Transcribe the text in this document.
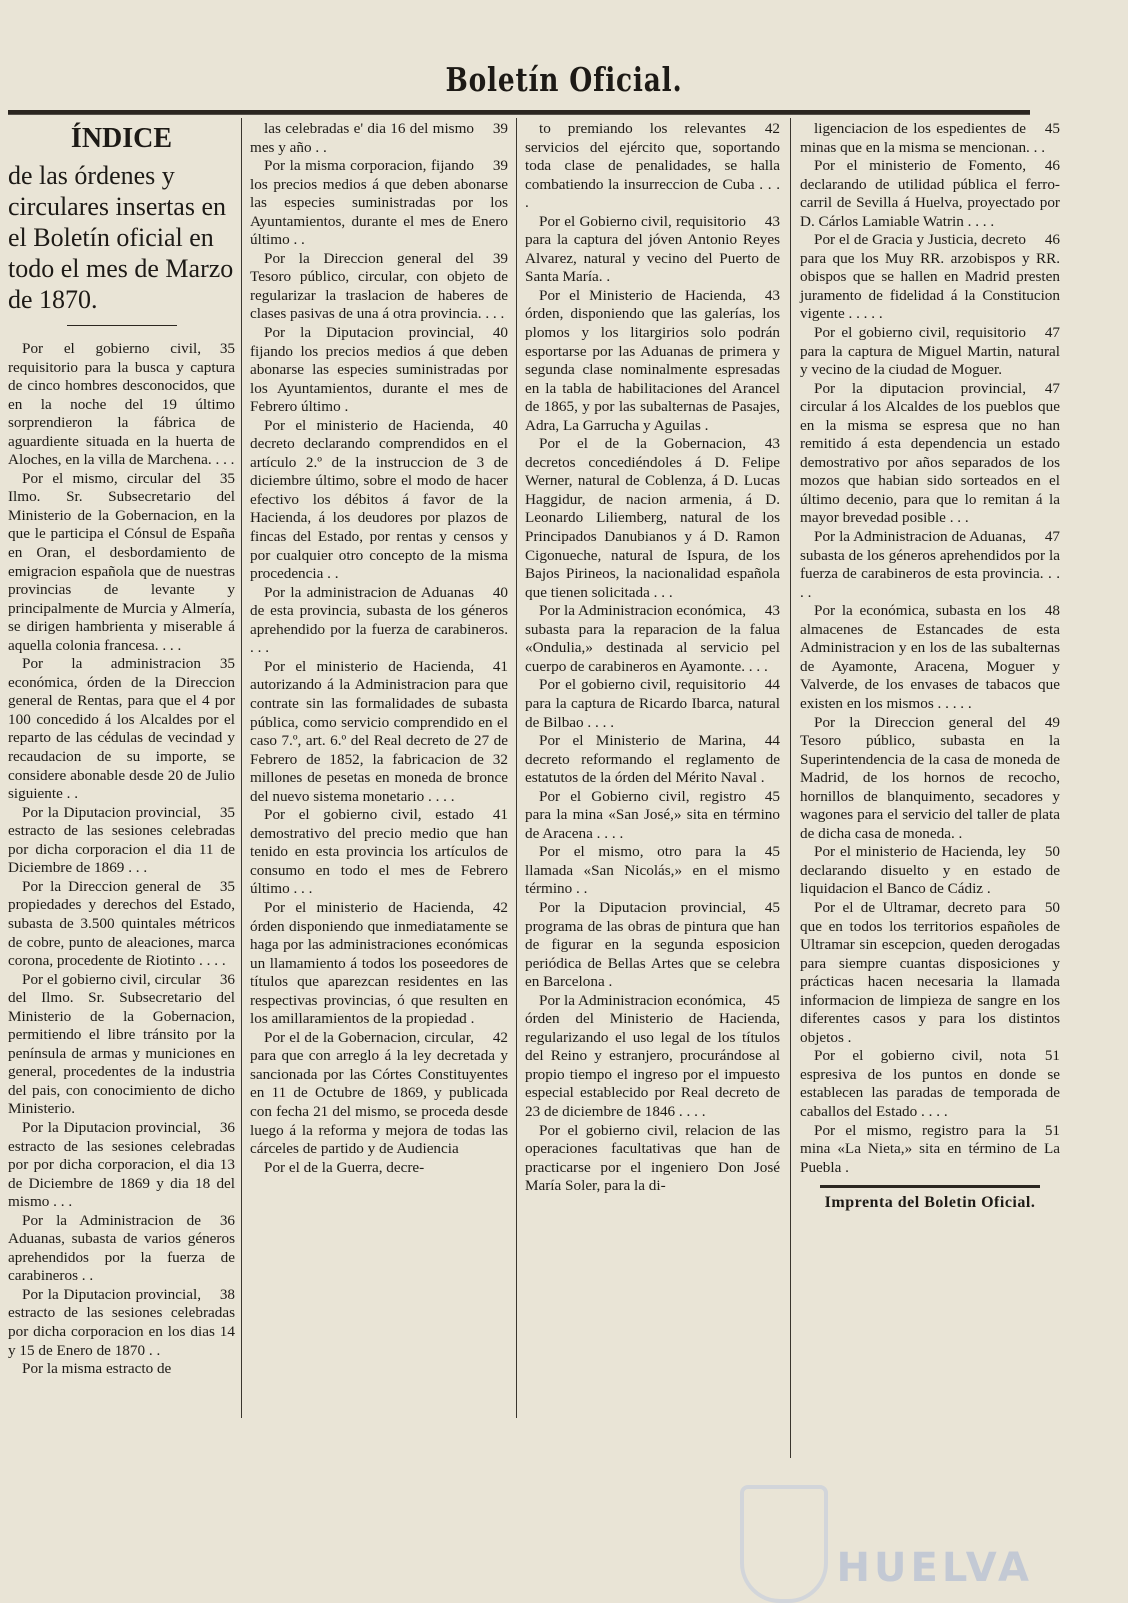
Boletín Oficial.
ÍNDICE

de las órdenes y circulares insertas en el Boletín oficial en todo el mes de Marzo de 1870.

35
Por el gobierno civil, requisitorio para la busca y captura de cinco hombres desconocidos, que en la noche del 19 último sorprendieron la fábrica de aguardiente situada en la huerta de Aloches, en la villa de Marchena. . . .

35
Por el mismo, circular del Ilmo. Sr. Subsecretario del Ministerio de la Gobernacion, en la que le participa el Cónsul de España en Oran, el desbordamiento de emigracion española que de nuestras provincias de levante y principalmente de Murcia y Almería, se dirigen hambrienta y miserable á aquella colonia francesa. . . .

35
Por la administracion económica, órden de la Direccion general de Rentas, para que el 4 por 100 concedido á los Alcaldes por el reparto de las cédulas de vecindad y recaudacion de su importe, se considere abonable desde 20 de Julio siguiente . .

35
Por la Diputacion provincial, estracto de las sesiones celebradas por dicha corporacion el dia 11 de Diciembre de 1869 . . .

35
Por la Direccion general de propiedades y derechos del Estado, subasta de 3.500 quintales métricos de cobre, punto de aleaciones, marca corona, procedente de Riotinto . . . .

36
Por el gobierno civil, circular del Ilmo. Sr. Subsecretario del Ministerio de la Gobernacion, permitiendo el libre tránsito por la península de armas y municiones en general, procedentes de la industria del pais, con conocimiento de dicho Ministerio.

36
Por la Diputacion provincial, estracto de las sesiones celebradas por por dicha corporacion, el dia 13 de Diciembre de 1869 y dia 18 del mismo . . .

36
Por la Administracion de Aduanas, subasta de varios géneros aprehendidos por la fuerza de carabineros . .

38
Por la Diputacion provincial, estracto de las sesiones celebradas por dicha corporacion en los dias 14 y 15 de Enero de 1870 . .

Por la misma estracto de

39
las celebradas e' dia 16 del mismo mes y año . .

39
Por la misma corporacion, fijando los precios medios á que deben abonarse las especies suministradas por los Ayuntamientos, durante el mes de Enero último . .

39
Por la Direccion general del Tesoro público, circular, con objeto de regularizar la traslacion de haberes de clases pasivas de una á otra provincia. . . .

40
Por la Diputacion provincial, fijando los precios medios á que deben abonarse las especies suministradas por los Ayuntamientos, durante el mes de Febrero último .

40
Por el ministerio de Hacienda, decreto declarando comprendidos en el artículo 2.º de la instruccion de 3 de diciembre último, sobre el modo de hacer efectivo los débitos á favor de la Hacienda, á los deudores por plazos de fincas del Estado, por rentas y censos y por cualquier otro concepto de la misma procedencia . .

40
Por la administracion de Aduanas de esta provincia, subasta de los géneros aprehendido por la fuerza de carabineros. . . .

41
Por el ministerio de Hacienda, autorizando á la Administracion para que contrate sin las formalidades de subasta pública, como servicio comprendido en el caso 7.º, art. 6.º del Real decreto de 27 de Febrero de 1852, la fabricacion de 32 millones de pesetas en moneda de bronce del nuevo sistema monetario . . . .

41
Por el gobierno civil, estado demostrativo del precio medio que han tenido en esta provincia los artículos de consumo en todo el mes de Febrero último . . .

42
Por el ministerio de Hacienda, órden disponiendo que inmediatamente se haga por las administraciones económicas un llamamiento á todos los poseedores de títulos que aparezcan residentes en las respectivas provincias, ó que resulten en los amillaramientos de la propiedad .

42
Por el de la Gobernacion, circular, para que con arreglo á la ley decretada y sancionada por las Córtes Constituyentes en 11 de Octubre de 1869, y publicada con fecha 21 del mismo, se proceda desde luego á la reforma y mejora de todas las cárceles de partido y de Audiencia

Por el de la Guerra, decre-

42
to premiando los relevantes servicios del ejército que, soportando toda clase de penalidades, se halla combatiendo la insurreccion de Cuba . . . .

43
Por el Gobierno civil, requisitorio para la captura del jóven Antonio Reyes Alvarez, natural y vecino del Puerto de Santa María. .

43
Por el Ministerio de Hacienda, órden, disponiendo que las galerías, los plomos y los litargirios solo podrán esportarse por las Aduanas de primera y segunda clase nominalmente espresadas en la tabla de habilitaciones del Arancel de 1865, y por las subalternas de Pasajes, Adra, La Garrucha y Aguilas .

43
Por el de la Gobernacion, decretos concediéndoles á D. Felipe Werner, natural de Coblenza, á D. Lucas Haggidur, de nacion armenia, á D. Leonardo Liliemberg, natural de los Principados Danubianos y á D. Ramon Cigonueche, natural de Ispura, de los Bajos Pirineos, la nacionalidad española que tienen solicitada . . .

43
Por la Administracion económica, subasta para la reparacion de la falua «Ondulia,» destinada al servicio pel cuerpo de carabineros en Ayamonte. . . .

44
Por el gobierno civil, requisitorio para la captura de Ricardo Ibarca, natural de Bilbao . . . .

44
Por el Ministerio de Marina, decreto reformando el reglamento de estatutos de la órden del Mérito Naval .

45
Por el Gobierno civil, registro para la mina «San José,» sita en término de Aracena . . . .

45
Por el mismo, otro para la llamada «San Nicolás,» en el mismo término . .

45
Por la Diputacion provincial, programa de las obras de pintura que han de figurar en la segunda esposicion periódica de Bellas Artes que se celebra en Barcelona .

45
Por la Administracion económica, órden del Ministerio de Hacienda, regularizando el uso legal de los títulos del Reino y estranjero, procurándose al propio tiempo el ingreso por el impuesto especial establecido por Real decreto de 23 de diciembre de 1846 . . . .

Por el gobierno civil, relacion de las operaciones facultativas que han de practicarse por el ingeniero Don José María Soler, para la di-

45
ligenciacion de los espedientes de minas que en la misma se mencionan. . .

46
Por el ministerio de Fomento, declarando de utilidad pública el ferro-carril de Sevilla á Huelva, proyectado por D. Cárlos Lamiable Watrin . . . .

46
Por el de Gracia y Justicia, decreto para que los Muy RR. arzobispos y RR. obispos que se hallen en Madrid presten juramento de fidelidad á la Constitucion vigente . . . . .

47
Por el gobierno civil, requisitorio para la captura de Miguel Martin, natural y vecino de la ciudad de Moguer.

47
Por la diputacion provincial, circular á los Alcaldes de los pueblos que en la misma se espresa que no han remitido á esta dependencia un estado demostrativo por años separados de los mozos que habian sido sorteados en el último decenio, para que lo remitan á la mayor brevedad posible . . .

47
Por la Administracion de Aduanas, subasta de los géneros aprehendidos por la fuerza de carabineros de esta provincia. . . . .

48
Por la económica, subasta en los almacenes de Estancades de esta Administracion y en los de las subalternas de Ayamonte, Aracena, Moguer y Valverde, de los envases de tabacos que existen en los mismos . . . . .

49
Por la Direccion general del Tesoro público, subasta en la Superintendencia de la casa de moneda de Madrid, de los hornos de recocho, hornillos de blanquimento, secadores y wagones para el servicio del taller de plata de dicha casa de moneda. .

50
Por el ministerio de Hacienda, ley declarando disuelto y en estado de liquidacion el Banco de Cádiz .

50
Por el de Ultramar, decreto para que en todos los territorios españoles de Ultramar sin escepcion, queden derogadas para siempre cuantas disposiciones y prácticas hacen necesaria la llamada informacion de limpieza de sangre en los diferentes casos y para los distintos objetos .

51
Por el gobierno civil, nota espresiva de los puntos en donde se establecen las paradas de temporada de caballos del Estado . . . .

51
Por el mismo, registro para la mina «La Nieta,» sita en término de La Puebla .

Imprenta del Boletin Oficial.
HUELVA
